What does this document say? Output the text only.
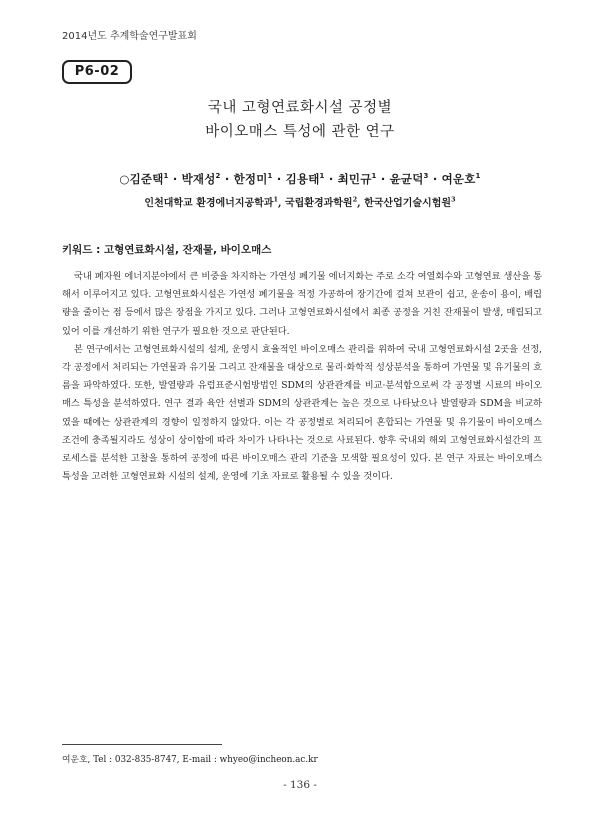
2014년도 추계학술연구발표회
P6-02
국내 고형연료화시설 공정별
바이오매스 특성에 관한 연구
○김준택$^1$ · 박재성$^2$ · 한정미$^1$ · 김용태$^1$ · 최민규$^1$ · 윤균덕$^3$ · 여운호$^1$
인천대학교 환경에너지공학과$^1$, 국립환경과학원$^2$, 한국산업기술시험원$^3$
키워드 : 고형연료화시설, 잔재물, 바이오매스

국내 폐자원 에너지분야에서 큰 비중을 차지하는 가연성 폐기물 에너지화는 주로 소각 여열회수와 고형연료 생산을 통해서 이루어지고 있다. 고형연료화시설은 가연성 폐기물을 적정 가공하여 장기간에 걸쳐 보관이 쉽고, 운송이 용이, 배립량을 줄이는 점 등에서 많은 장점을 가지고 있다. 그러나 고형연료화시설에서 최종 공정을 거친 잔재물이 발생, 매립되고 있어 이를 개선하기 위한 연구가 필요한 것으로 판단된다.

본 연구에서는 고형연료화시설의 설계, 운영시 효율적인 바이오매스 관리를 위하여 국내 고형연료화시설 2곳을 선정, 각 공정에서 처리되는 가연물과 유기물 그리고 잔재물을 대상으로 물리·화학적 성상분석을 통하여 가연물 및 유기물의 흐름을 파악하였다. 또한, 발열량과 유럽표준시험방법인 SDM의 상관관계를 비교·분석함으로써 각 공정별 시료의 바이오매스 특성을 분석하였다. 연구 결과 육안 선별과 SDM의 상관관계는 높은 것으로 나타났으나 발열량과 SDM을 비교하였을 때에는 상관관계의 경향이 일정하지 않았다. 이는 각 공정별로 처리되어 혼합되는 가연물 및 유기물이 바이오매스 조건에 충족될지라도 성상이 상이함에 따라 차이가 나타나는 것으로 사료된다. 향후 국내외 해외 고형연료화시설간의 프로세스를 분석한 고찰을 통하여 공정에 따른 바이오매스 관리 기준을 모색할 필요성이 있다. 본 연구 자료는 바이오매스 특성을 고려한 고형연료화 시설의 설계, 운영에 기초 자료로 활용될 수 있을 것이다.

여운호, Tel : 032-835-8747, E-mail : whyeo@incheon.ac.kr
- 136 -
